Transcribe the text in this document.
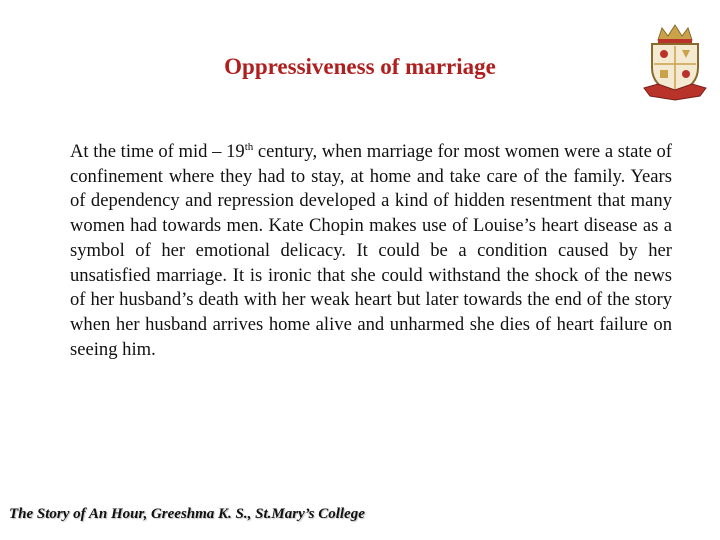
Oppressiveness of marriage

At the time of mid – 19th century, when marriage for most women were a state of confinement where they had to stay, at home and take care of the family. Years of dependency and repression developed a kind of hidden resentment that many women had towards men. Kate Chopin makes use of Louise’s heart disease as a symbol of her emotional delicacy. It could be a condition caused by her unsatisfied marriage. It is ironic that she could withstand the shock of the news of her husband’s death with her weak heart but later towards the end of the story when her husband arrives home alive and unharmed she dies of heart failure on seeing him.

The Story of An Hour, Greeshma K. S., St.Mary’s College
